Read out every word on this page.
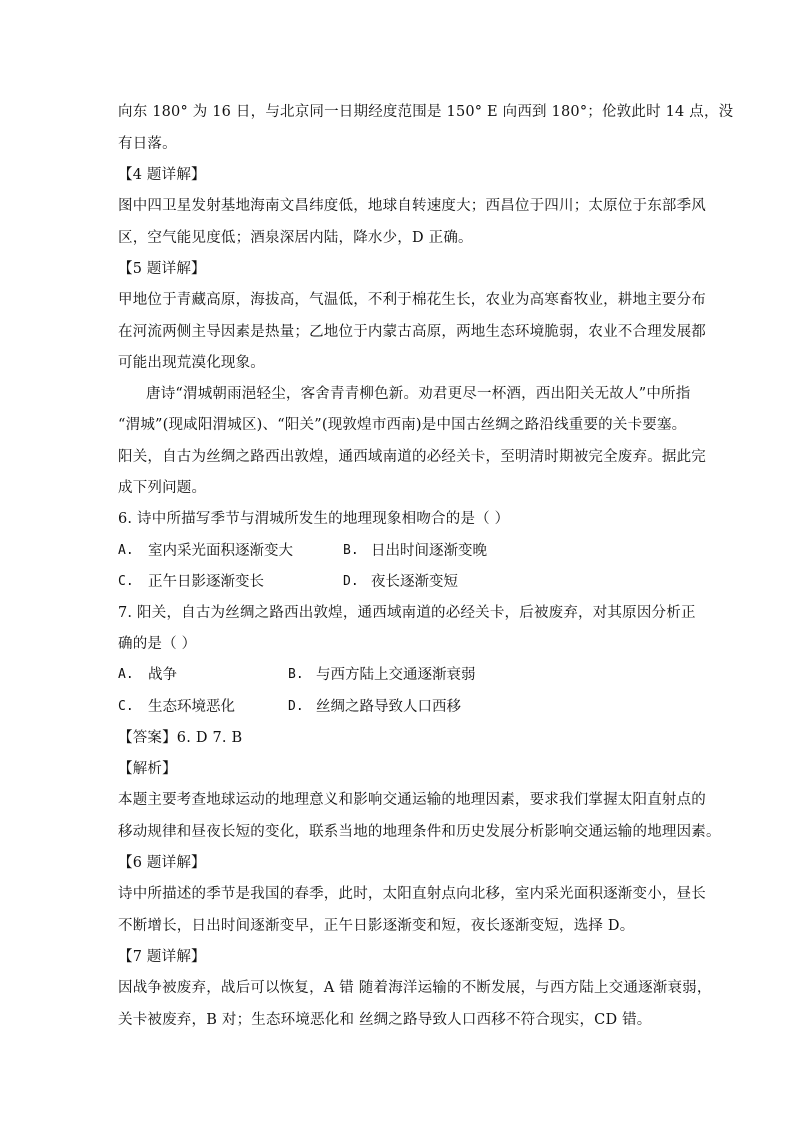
向东 180° 为 16 日，与北京同一日期经度范围是 150° E 向西到 180°；伦敦此时 14 点，没
有日落。
【4 题详解】
图中四卫星发射基地海南文昌纬度低，地球自转速度大；西昌位于四川；太原位于东部季风
区，空气能见度低；酒泉深居内陆，降水少，D 正确。
【5 题详解】
甲地位于青藏高原，海拔高，气温低，不利于棉花生长，农业为高寒畜牧业，耕地主要分布
在河流两侧主导因素是热量；乙地位于内蒙古高原，两地生态环境脆弱，农业不合理发展都
可能出现荒漠化现象。
唐诗“渭城朝雨浥轻尘，客舍青青柳色新。劝君更尽一杯酒，西出阳关无故人”中所指
“渭城”(现咸阳渭城区)、“阳关”(现敦煌市西南)是中国古丝绸之路沿线重要的关卡要塞。
阳关，自古为丝绸之路西出敦煌，通西域南道的必经关卡，至明清时期被完全废弃。据此完
成下列问题。
6. 诗中所描写季节与渭城所发生的地理现象相吻合的是（ ）
A. 室内采光面积逐渐变大	B. 日出时间逐渐变晚
C. 正午日影逐渐变长	D. 夜长逐渐变短
7. 阳关，自古为丝绸之路西出敦煌，通西域南道的必经关卡，后被废弃，对其原因分析正
确的是（ ）
A. 战争	B. 与西方陆上交通逐渐衰弱
C. 生态环境恶化	D. 丝绸之路导致人口西移
【答案】6. D 7. B
【解析】
本题主要考查地球运动的地理意义和影响交通运输的地理因素，要求我们掌握太阳直射点的
移动规律和昼夜长短的变化，联系当地的地理条件和历史发展分析影响交通运输的地理因素。
【6 题详解】
诗中所描述的季节是我国的春季，此时，太阳直射点向北移，室内采光面积逐渐变小，昼长
不断增长，日出时间逐渐变早，正午日影逐渐变和短，夜长逐渐变短，选择 D。
【7 题详解】
因战争被废弃，战后可以恢复，A 错 随着海洋运输的不断发展，与西方陆上交通逐渐衰弱，
关卡被废弃，B 对；生态环境恶化和 丝绸之路导致人口西移不符合现实，CD 错。
